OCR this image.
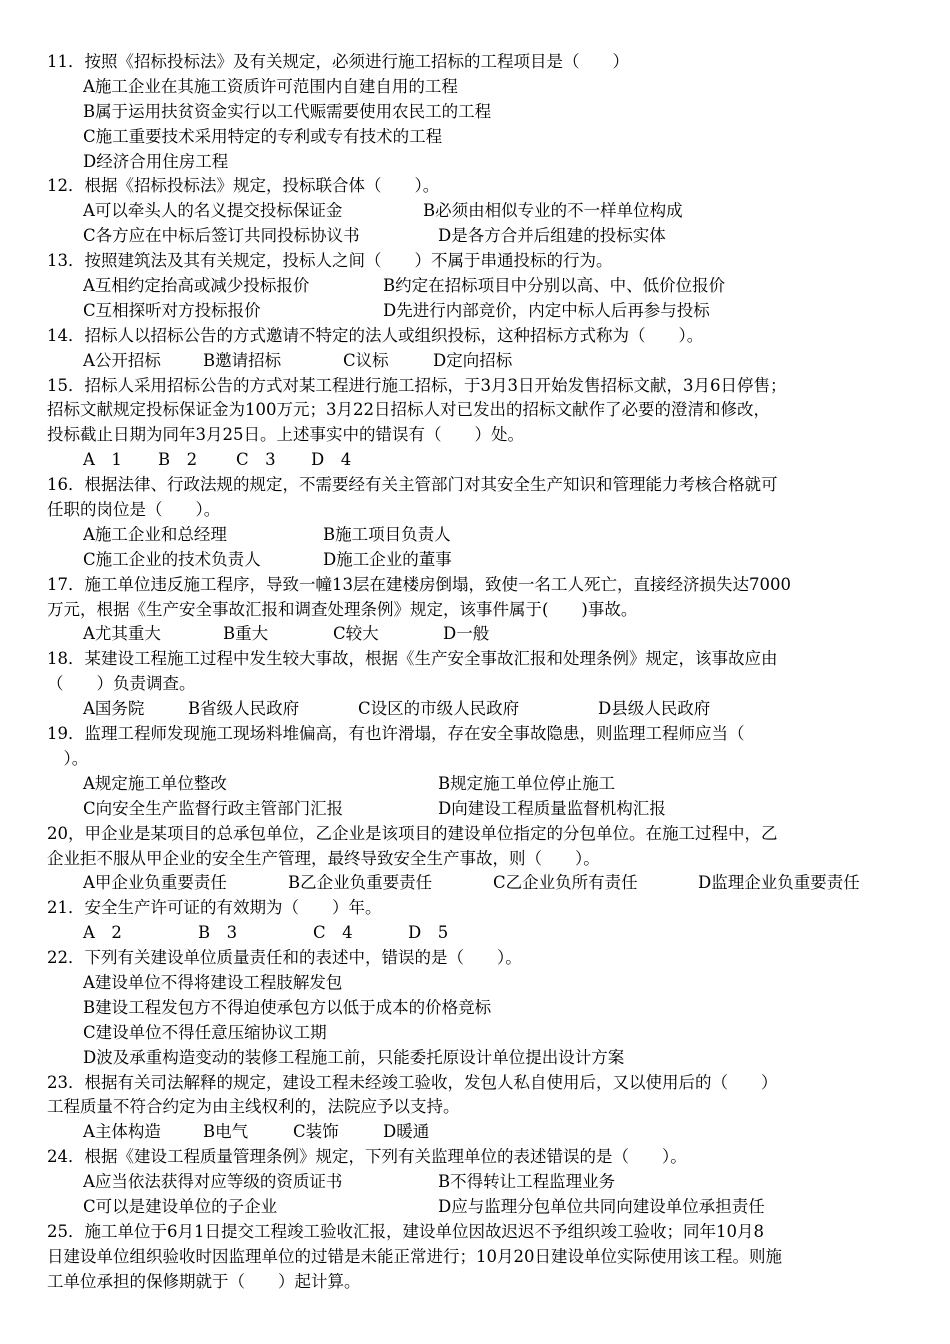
11．按照《招标投标法》及有关规定，必须进行施工招标的工程项目是（　　）
A施工企业在其施工资质许可范围内自建自用的工程
B属于运用扶贫资金实行以工代赈需要使用农民工的工程
C施工重要技术采用特定的专利或专有技术的工程
D经济合用住房工程
12．根据《招标投标法》规定，投标联合体（　　）。
A可以牵头人的名义提交投标保证金	B必须由相似专业的不一样单位构成
C各方应在中标后签订共同投标协议书	D是各方合并后组建的投标实体
13．按照建筑法及其有关规定，投标人之间（　　）不属于串通投标的行为。
A互相约定抬高或减少投标报价	B约定在招标项目中分别以高、中、低价位报价
C互相探听对方投标报价	D先进行内部竞价，内定中标人后再参与投标
14．招标人以招标公告的方式邀请不特定的法人或组织投标，这种招标方式称为（　　）。
A公开招标	B邀请招标	C议标	D定向招标
15．招标人采用招标公告的方式对某工程进行施工招标，于3月3日开始发售招标文献，3月6日停售；
招标文献规定投标保证金为100万元；3月22日招标人对已发出的招标文献作了必要的澄清和修改，
投标截止日期为同年3月25日。上述事实中的错误有（　　）处。
A　1 B　2 C　3 D　4
16．根据法律、行政法规的规定，不需要经有关主管部门对其安全生产知识和管理能力考核合格就可
任职的岗位是（　　）。
A施工企业和总经理	B施工项目负责人
C施工企业的技术负责人	D施工企业的董事
17．施工单位违反施工程序，导致一幢13层在建楼房倒塌，致使一名工人死亡，直接经济损失达7000
万元，根据《生产安全事故汇报和调查处理条例》规定，该事件属于(　　)事故。
A尤其重大	B重大	C较大	D一般
18．某建设工程施工过程中发生较大事故，根据《生产安全事故汇报和处理条例》规定，该事故应由
（　　）负责调查。
A国务院	B省级人民政府	C设区的市级人民政府	D县级人民政府
19．监理工程师发现施工现场料堆偏高，有也许滑塌，存在安全事故隐患，则监理工程师应当（
　）。
A规定施工单位整改	B规定施工单位停止施工
C向安全生产监督行政主管部门汇报	D向建设工程质量监督机构汇报
20，甲企业是某项目的总承包单位，乙企业是该项目的建设单位指定的分包单位。在施工过程中，乙
企业拒不服从甲企业的安全生产管理，最终导致安全生产事故，则（　　）。
A甲企业负重要责任	B乙企业负重要责任	C乙企业负所有责任	D监理企业负重要责任
21．安全生产许可证的有效期为（　　）年。
A　2	B　3	C　4	D　5
22．下列有关建设单位质量责任和的表述中，错误的是（　　）。
A建设单位不得将建设工程肢解发包
B建设工程发包方不得迫使承包方以低于成本的价格竞标
C建设单位不得任意压缩协议工期
D波及承重构造变动的装修工程施工前，只能委托原设计单位提出设计方案
23．根据有关司法解释的规定，建设工程未经竣工验收，发包人私自使用后，又以使用后的（　　）
工程质量不符合约定为由主线权利的，法院应予以支持。
A主体构造	B电气	C装饰	D暖通
24．根据《建设工程质量管理条例》规定，下列有关监理单位的表述错误的是（　　）。
A应当依法获得对应等级的资质证书	B不得转让工程监理业务
C可以是建设单位的子企业	D应与监理分包单位共同向建设单位承担责任
25．施工单位于6月1日提交工程竣工验收汇报，建设单位因故迟迟不予组织竣工验收；同年10月8
日建设单位组织验收时因监理单位的过错是未能正常进行；10月20日建设单位实际使用该工程。则施
工单位承担的保修期就于（　　）起计算。
